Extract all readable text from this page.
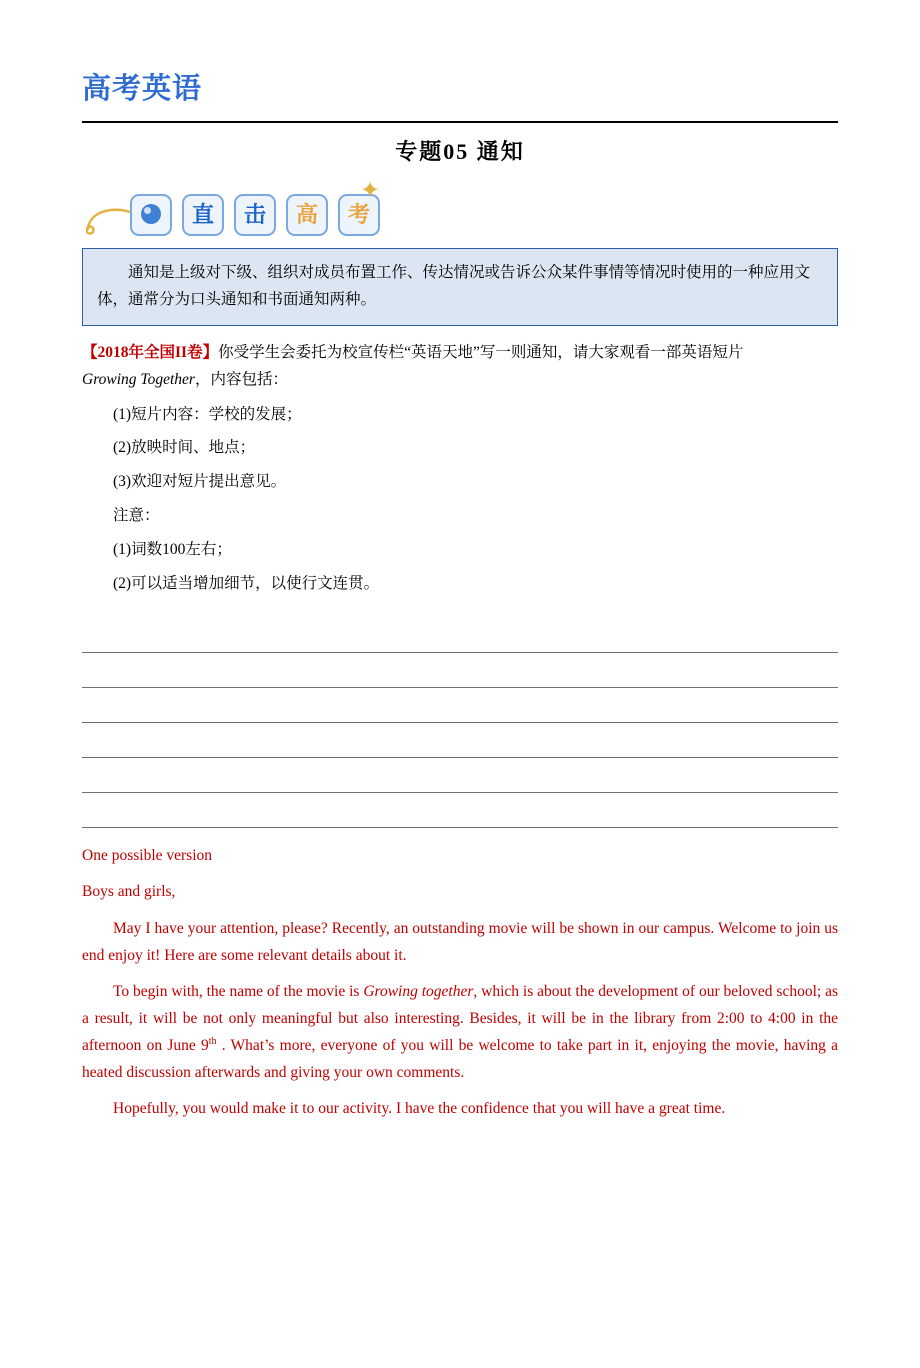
高考英语
专题05 通知
直	击	高	考
✦
通知是上级对下级、组织对成员布置工作、传达情况或告诉公众某件事情等情况时使用的一种应用文体，通常分为口头通知和书面通知两种。
【2018年全国II卷】你受学生会委托为校宣传栏“英语天地”写一则通知，请大家观看一部英语短片
Growing Together，内容包括：
(1)短片内容：学校的发展；
(2)放映时间、地点；
(3)欢迎对短片提出意见。
注意：
(1)词数100左右；
(2)可以适当增加细节，以使行文连贯。

One possible version

Boys and girls,

May I have your attention, please? Recently, an outstanding movie will be shown in our campus. Welcome to join us end enjoy it! Here are some relevant details about it.

To begin with, the name of the movie is Growing together, which is about the development of our beloved school; as a result, it will be not only meaningful but also interesting. Besides, it will be in the library from 2:00 to 4:00 in the afternoon on June 9th . What’s more, everyone of you will be welcome to take part in it, enjoying the movie, having a heated discussion afterwards and giving your own comments.

Hopefully, you would make it to our activity. I have the confidence that you will have a great time.
